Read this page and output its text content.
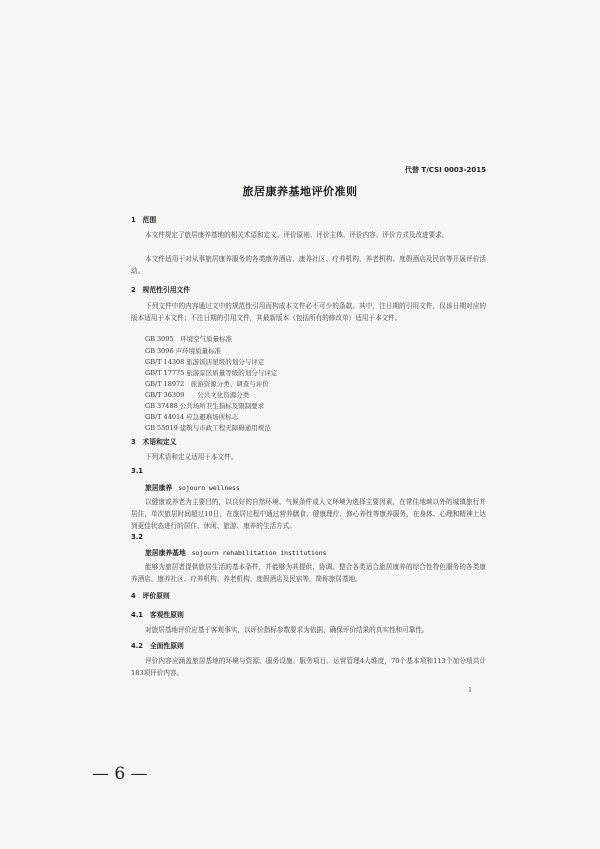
代替 T/CSI 0003-2015
旅居康养基地评价准则
1　范围
本文件规定了旅居康养基地的相关术语和定义、评价原则、评价主体、评价内容、评价方式及改进要求。
本文件适用于对从事旅居康养服务的各类康养酒店、康养社区、疗养机构、养老机构、度假酒店及民宿等开展评价活动。
2　规范性引用文件
下列文件中的内容通过文中的规范性引用而构成本文件必不可少的条款。其中，注日期的引用文件，仅该日期对应的版本适用于本文件；不注日期的引用文件，其最新版本（包括所有的修改单）适用于本文件。
GB 3095　环境空气质量标准
GB 3096 声环境质量标准
GB/T 14308 旅游饭店星级的划分与评定
GB/T 17775 旅游景区质量等级的划分与评定
GB/T 18972　旅游资源分类、调查与评价
GB/T 36309　　公共文化资源分类
GB 37488 公共场所卫生指标及限制要求
GB/T 44014 应急避难场所标志
GB 55019 建筑与市政工程无障碍通用规范
3　术语和定义
下列术语和定义适用于本文件。
3.1
旅居康养 sojourn wellness
以健康或养老为主要目的，以良好的自然环境、气候条件或人文环境为选择主要因素，在常住地域以外的城镇旅行并居住，单次旅居时间超过10日，在旅居过程中通过营养膳食、健康理疗、修心养性等康养服务，在身体、心理和精神上达到更佳状态进行的居住、休闲、旅游、康养的生活方式。
3.2
旅居康养基地 sojourn rehabilitation institutions
能够为旅居者提供旅居生活的基本条件，并能够为其提供、协调、整合各类适合旅居康养的综合性特色服务的各类康养酒店、康养社区、疗养机构、养老机构、度假酒店及民宿等，简称旅居基地。
4　评价原则
4.1　客观性原则
对旅居基地评价应基于客观事实，以评价指标参数要求为依据，确保评价结果的真实性和可靠性。
4.2　全面性原则
评价内容应涵盖旅居基地的环境与资源、服务设施、服务项目、运营管理4大维度，70个基本项和113个加分项共计183项评价内容。
1
— 6 —
